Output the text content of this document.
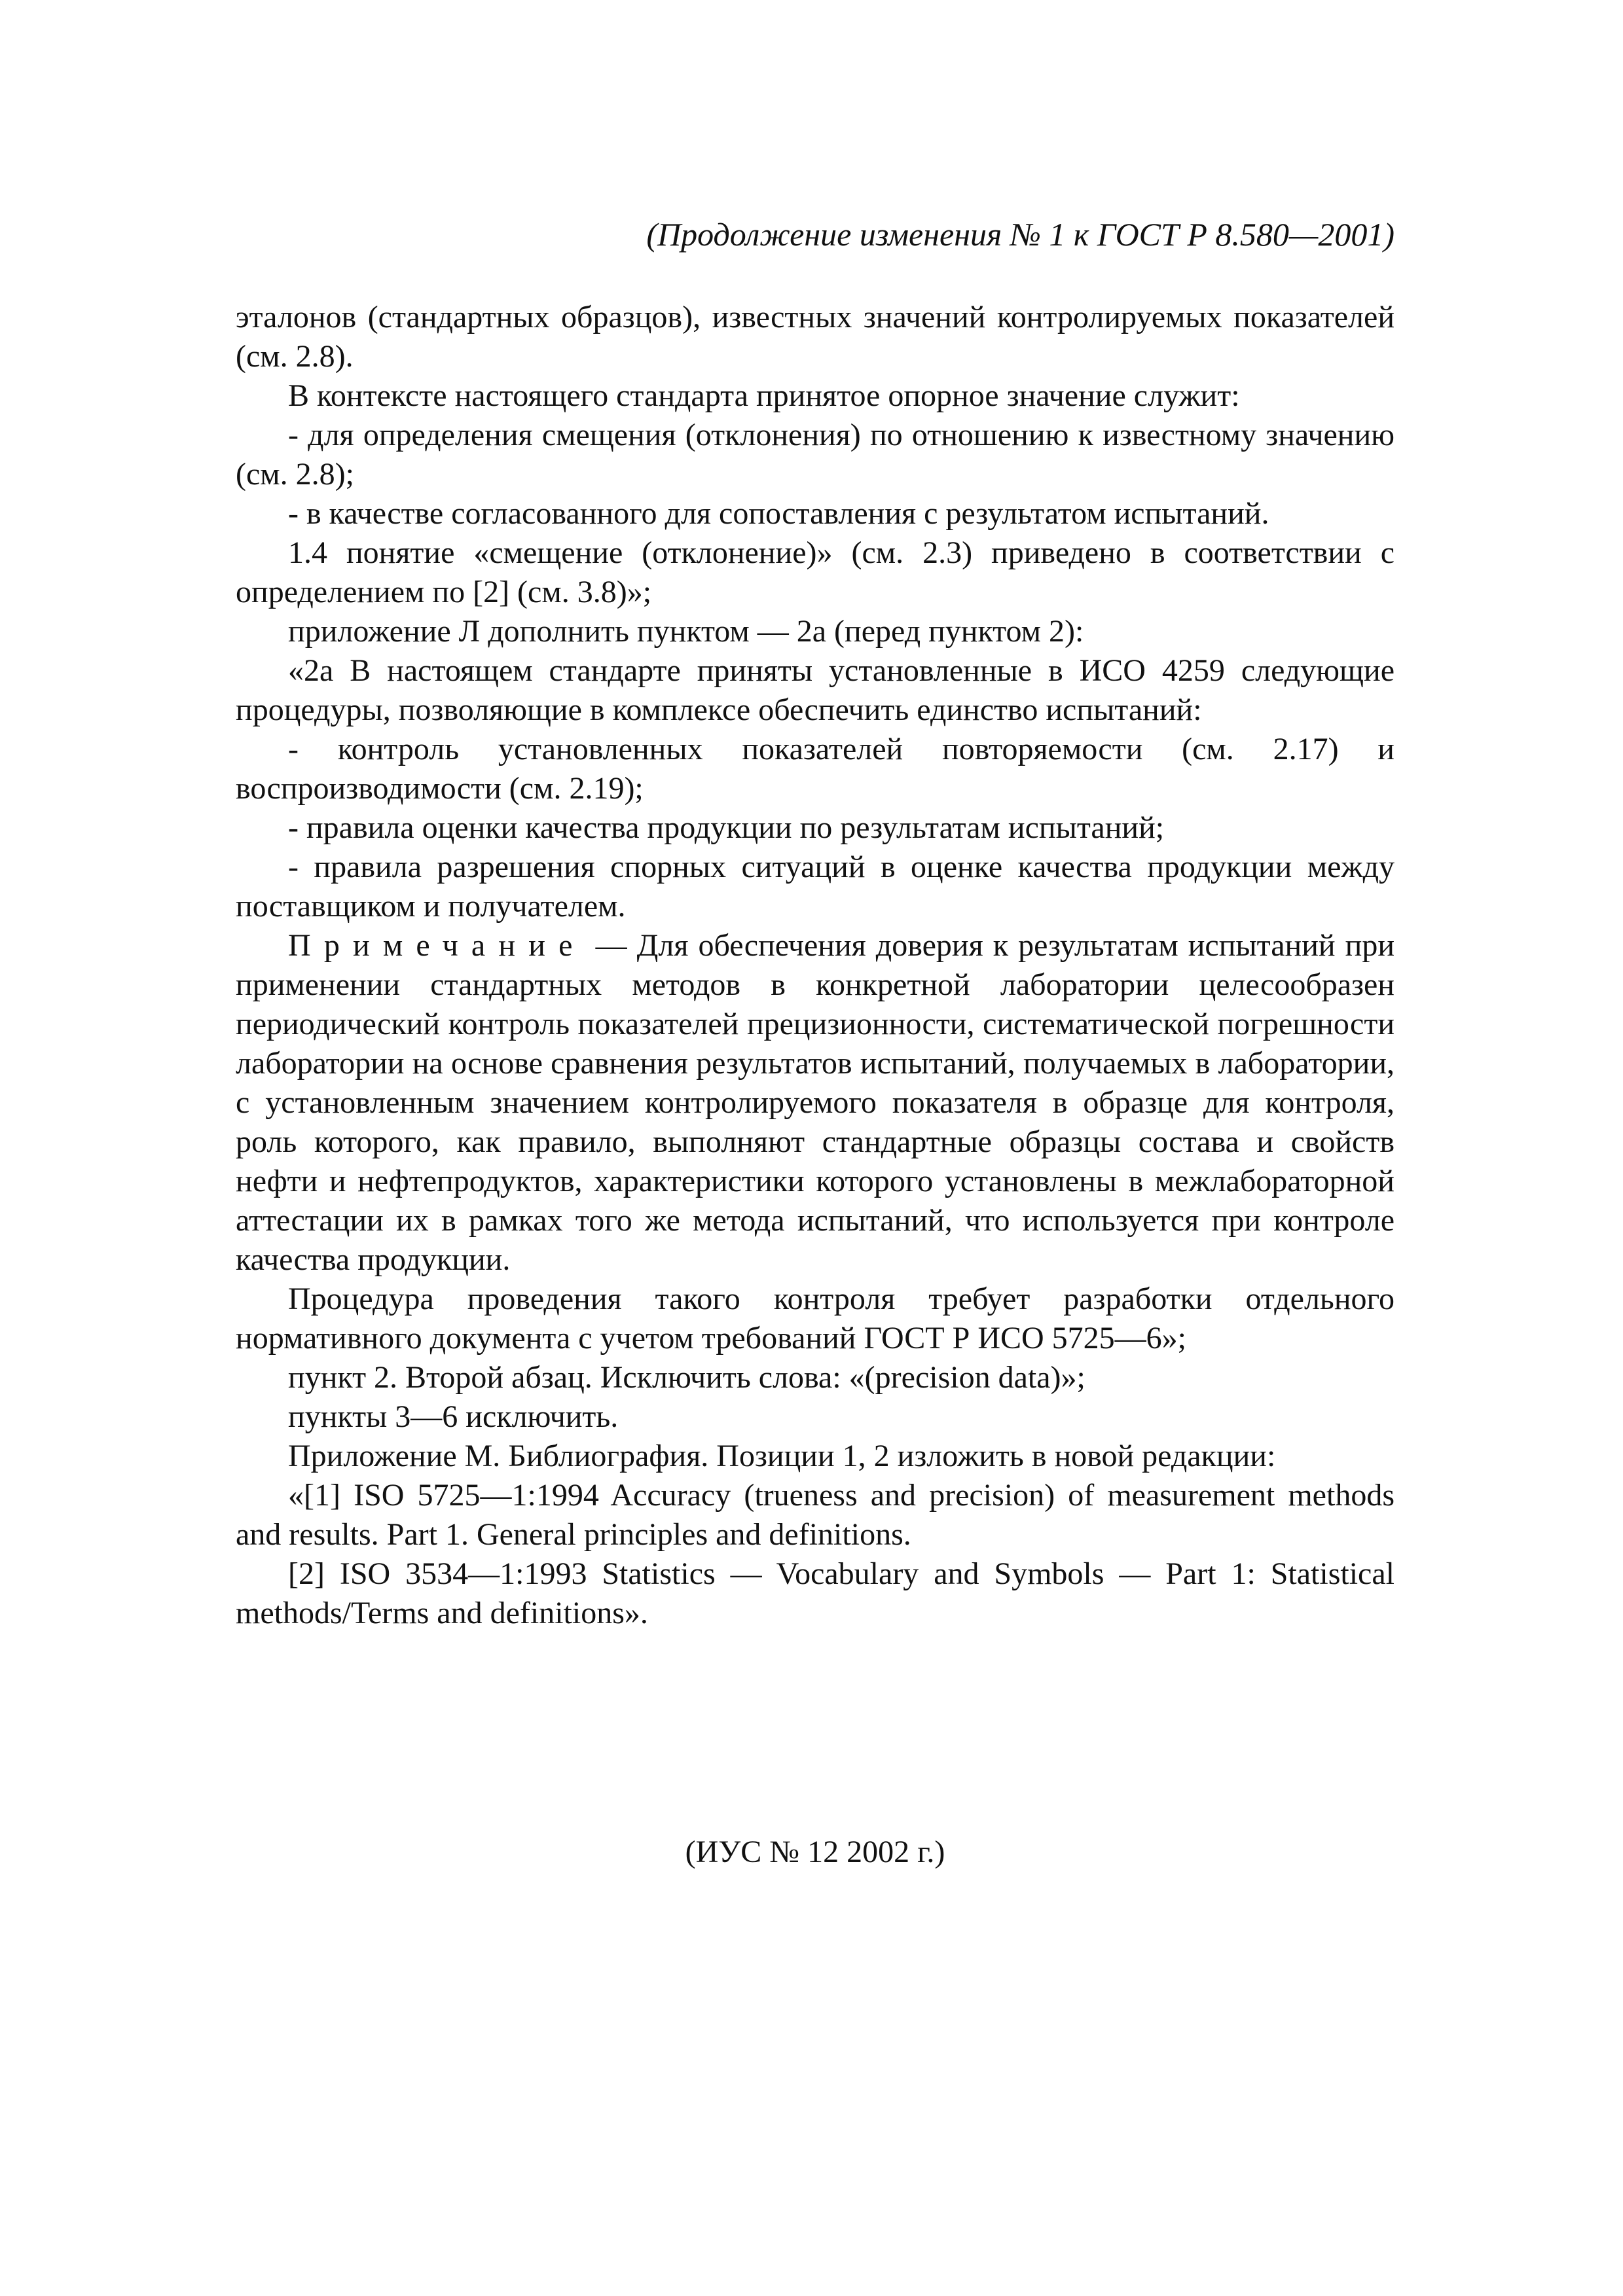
(Продолжение изменения № 1 к ГОСТ Р 8.580—2001)

эталонов (стандартных образцов), известных значений контролируемых показателей (см. 2.8).

В контексте настоящего стандарта принятое опорное значение служит:

- для определения смещения (отклонения) по отношению к известному значению (см. 2.8);

- в качестве согласованного для сопоставления с результатом испытаний.

1.4 понятие «смещение (отклонение)» (см. 2.3) приведено в соответствии с определением по [2] (см. 3.8)»;

приложение Л дополнить пунктом — 2а (перед пунктом 2):

«2а В настоящем стандарте приняты установленные в ИСО 4259 следующие процедуры, позволяющие в комплексе обеспечить единство испытаний:

- контроль установленных показателей повторяемости (см. 2.17) и воспроизводимости (см. 2.19);

- правила оценки качества продукции по результатам испытаний;

- правила разрешения спорных ситуаций в оценке качества продукции между поставщиком и получателем.

Примечание — Для обеспечения доверия к результатам испытаний при применении стандартных методов в конкретной лаборатории целесообразен периодический контроль показателей прецизионности, систематической погрешности лаборатории на основе сравнения результатов испытаний, получаемых в лаборатории, с установленным значением контролируемого показателя в образце для контроля, роль которого, как правило, выполняют стандартные образцы состава и свойств нефти и нефтепродуктов, характеристики которого установлены в межлабораторной аттестации их в рамках того же метода испытаний, что используется при контроле качества продукции.

Процедура проведения такого контроля требует разработки отдельного нормативного документа с учетом требований ГОСТ Р ИСО 5725—6»;

пункт 2. Второй абзац. Исключить слова: «(precision data)»;

пункты 3—6 исключить.

Приложение М. Библиография. Позиции 1, 2 изложить в новой редакции:

«[1] ISO 5725—1:1994 Accuracy (trueness and precision) of measurement methods and results. Part 1. General principles and definitions.

[2] ISO 3534—1:1993 Statistics — Vocabulary and Symbols — Part 1: Statistical methods/Terms and definitions».

(ИУС № 12 2002 г.)
